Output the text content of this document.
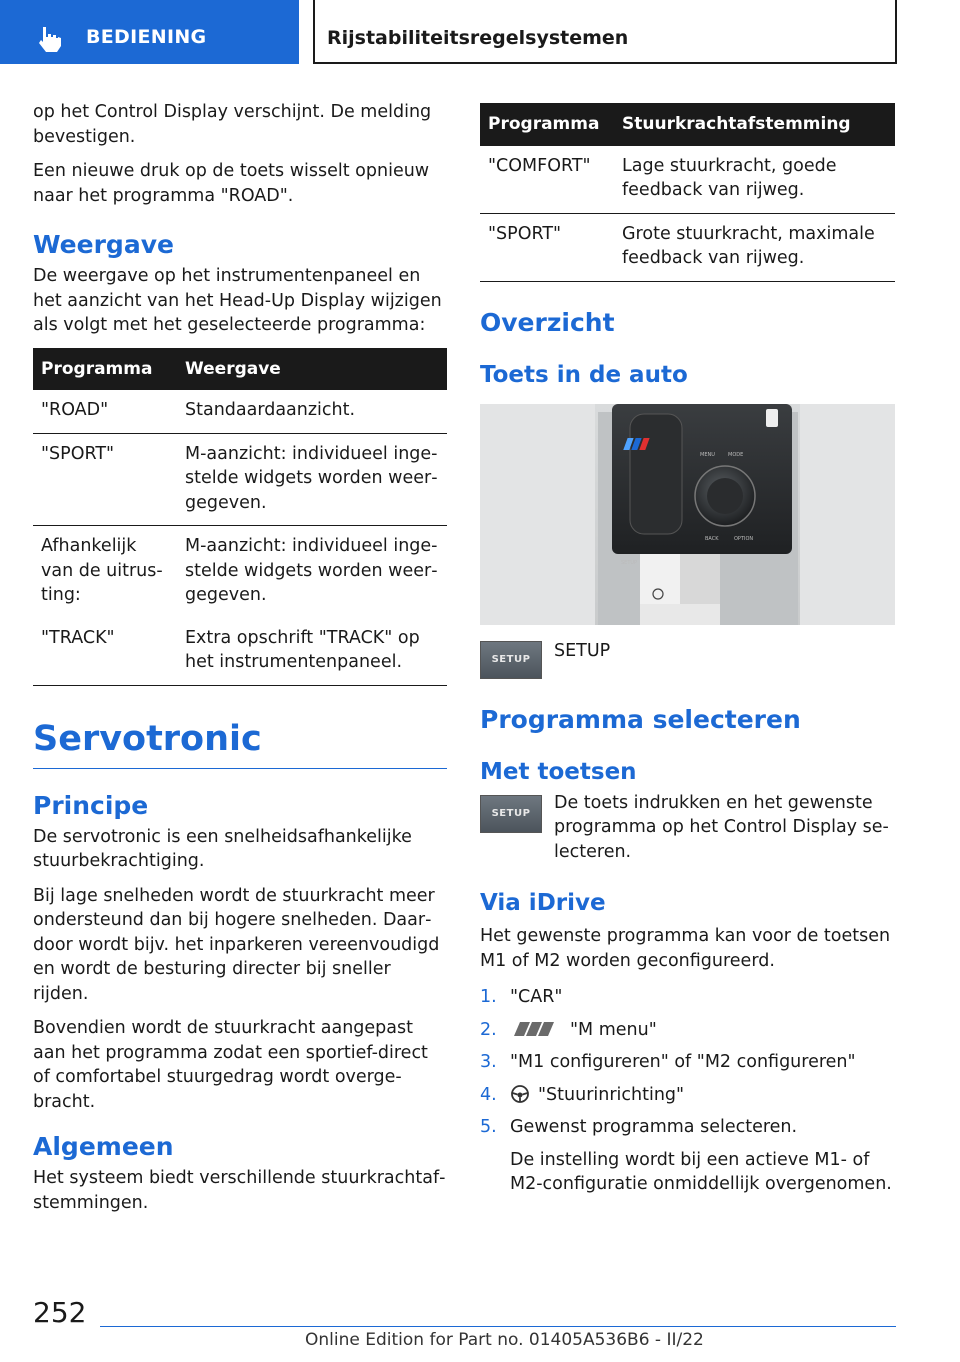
BEDIENING	Rijstabiliteitsregelsystemen

op het Control Display verschijnt. De melding bevestigen.

Een nieuwe druk op de toets wisselt opnieuw naar het programma "ROAD".

Weergave

De weergave op het instrumentenpaneel en het aanzicht van het Head-Up Display wijzigen als volgt met het geselecteerde programma:

Programma	Weergave
"ROAD"	Standaardaanzicht.
"SPORT"	M-aanzicht: individueel ingestelde widgets worden weergegeven.
Afhankelijk van de uitrusting:	M-aanzicht: individueel ingestelde widgets worden weergegeven.
"TRACK"	Extra opschrift "TRACK" op het instrumentenpaneel.
Servotronic
Principe

De servotronic is een snelheidsafhankelijke stuurbekrachtiging.

Bij lage snelheden wordt de stuurkracht meer ondersteund dan bij hogere snelheden. Daardoor wordt bijv. het inparkeren vereenvoudigd en wordt de besturing directer bij sneller rijden.

Bovendien wordt de stuurkracht aangepast aan het programma zodat een sportief-direct of comfortabel stuurgedrag wordt overgebracht.

Algemeen

Het systeem biedt verschillende stuurkrachtafstemmingen.

Programma	Stuurkrachtafstemming
"COMFORT"	Lage stuurkracht, goede feedback van rijweg.
"SPORT"	Grote stuurkracht, maximale feedback van rijweg.
Overzicht
Toets in de auto
MENU	MODE
BACK	OPTION
SETUP
SETUP	SETUP
Programma selecteren
Met toetsen
SETUP
De toets indrukken en het gewenste programma op het Control Display selecteren.
Via iDrive

Het gewenste programma kan voor de toetsen M1 of M2 worden geconfigureerd.

1. "CAR"
2.	"M menu"
3. "M1 configureren" of "M2 configureren"
4. "Stuurinrichting"
5. Gewenst programma selecteren.
De instelling wordt bij een actieve M1- of M2-configuratie onmiddellijk overgenomen.
252
Online Edition for Part no. 01405A536B6 - II/22
